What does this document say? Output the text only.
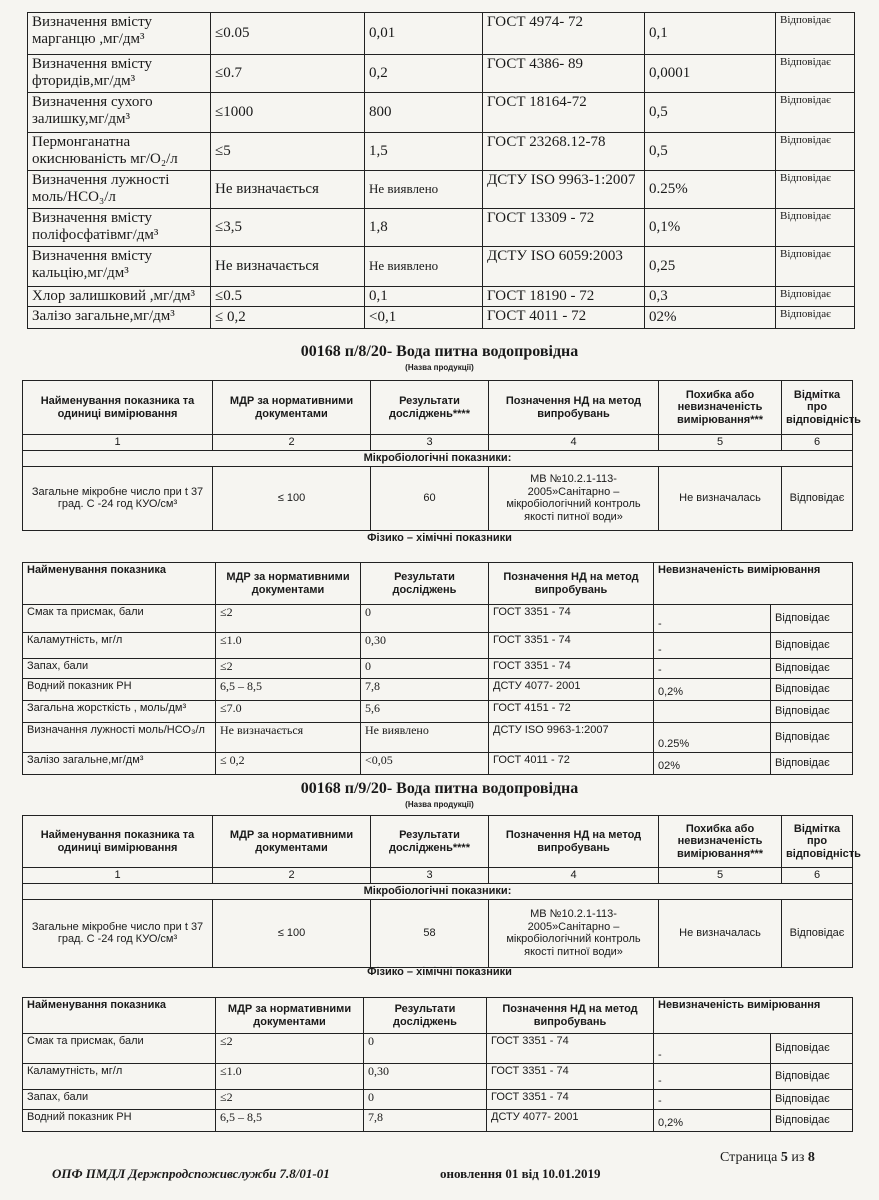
Визначення вмісту марганцю ,мг/дм³	≤0.05	0,01	ГОСТ 4974- 72	0,1	Відповідає
Визначення вмісту фторидів,мг/дм³	≤0.7	0,2	ГОСТ 4386- 89	0,0001	Відповідає
Визначення сухого залишку,мг/дм³	≤1000	800	ГОСТ 18164-72	0,5	Відповідає
Пермонганатна окиснюваність мг/О₂/л	≤5	1,5	ГОСТ 23268.12-78	0,5	Відповідає
Визначення лужності моль/НСО₃/л	Не визначається	Не виявлено	ДСТУ ISO 9963-1:2007	0.25%	Відповідає
Визначення вмісту поліфосфатівмг/дм³	≤3,5	1,8	ГОСТ 13309 - 72	0,1%	Відповідає
Визначення вмісту кальцію,мг/дм³	Не визначається	Не виявлено	ДСТУ ISO 6059:2003	0,25	Відповідає
Хлор залишковий ,мг/дм³	≤0.5	0,1	ГОСТ 18190 - 72	0,3	Відповідає
Залізо загальне,мг/дм³	≤ 0,2	<0,1	ГОСТ 4011 - 72	02%	Відповідає
00168 п/8/20- Вода питна водопровідна
(Назва продукції)
Найменування показника та одиниці вимірювання	МДР за нормативними документами	Результати досліджень****	Позначення НД на метод випробувань	Похибка або невизначеність вимірювання***	Відмітка про відповідність
1	2	3	4	5	6
Мікробіологічні показники:					
Загальне мікробне число при t 37 град. С -24 год КУО/см³	≤ 100	60	МВ №10.2.1-113-2005»Санітарно – мікробіологічний контроль якості питної води»	Не визначалась	Відповідає
Фізико – хімічні показники
Найменування показника	МДР за нормативними документами	Результати досліджень	Позначення НД на метод випробувань	Невизначеність вимірювання	
Смак та присмак, бали	≤2	0	ГОСТ 3351 - 74	-	Відповідає
Каламутність, мг/л	≤1.0	0,30	ГОСТ 3351 - 74	-	Відповідає
Запах, бали	≤2	0	ГОСТ 3351 - 74	-	Відповідає
Водний показник РН	6,5 – 8,5	7,8	ДСТУ 4077- 2001	0,2%	Відповідає
Загальна жорсткість , моль/дм³	≤7.0	5,6	ГОСТ 4151 - 72		Відповідає
Визначання лужності моль/НСО₃/л	Не визначається	Не виявлено	ДСТУ ISO 9963-1:2007	0.25%	Відповідає
Залізо загальне,мг/дм³	≤ 0,2	<0,05	ГОСТ 4011 - 72	02%	Відповідає
00168 п/9/20- Вода питна водопровідна
(Назва продукції)
Найменування показника та одиниці вимірювання	МДР за нормативними документами	Результати досліджень****	Позначення НД на метод випробувань	Похибка або невизначеність вимірювання***	Відмітка про відповідність
1	2	3	4	5	6
Мікробіологічні показники:					
Загальне мікробне число при t 37 град. С -24 год КУО/см³	≤ 100	58	МВ №10.2.1-113-2005»Санітарно – мікробіологічний контроль якості питної води»	Не визначалась	Відповідає
Фізико – хімічні показники
Найменування показника	МДР за нормативними документами	Результати досліджень	Позначення НД на метод випробувань	Невизначеність вимірювання	
Смак та присмак, бали	≤2	0	ГОСТ 3351 - 74	-	Відповідає
Каламутність, мг/л	≤1.0	0,30	ГОСТ 3351 - 74	-	Відповідає
Запах, бали	≤2	0	ГОСТ 3351 - 74	-	Відповідає
Водний показник РН	6,5 – 8,5	7,8	ДСТУ 4077- 2001	0,2%	Відповідає
Страница 5 из 8
ОПФ ПМДЛ Держпродспоживслужби 7.8/01-01	оновлення 01 від 10.01.2019
